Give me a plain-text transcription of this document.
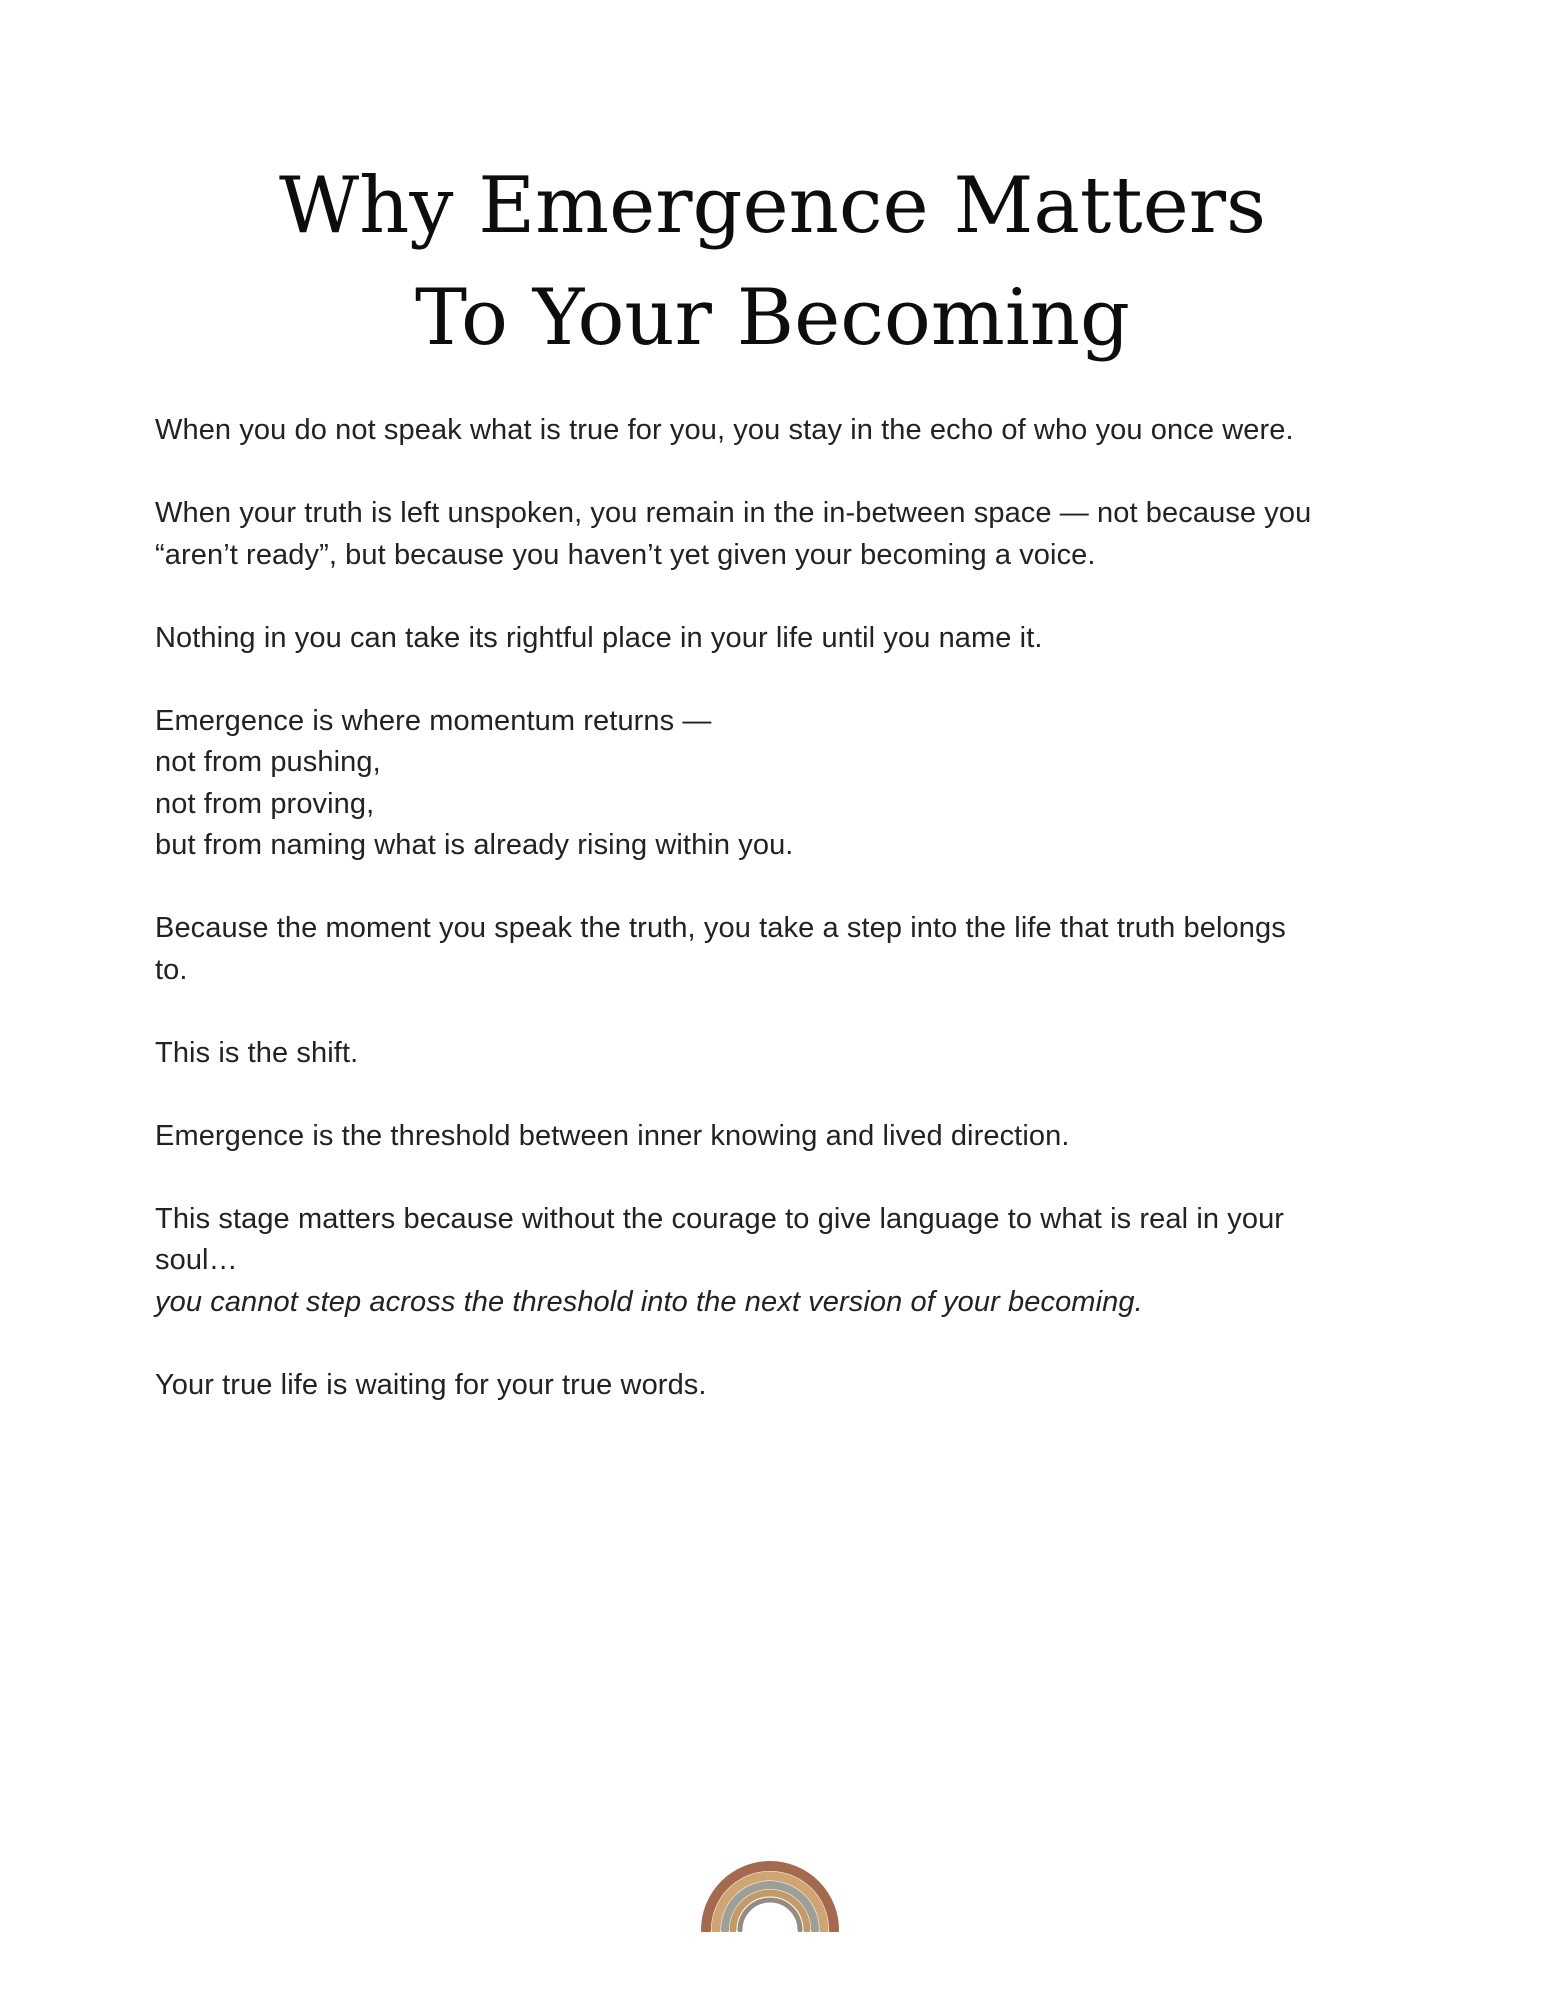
Why Emergence Matters
To Your Becoming

When you do not speak what is true for you, you stay in the echo of who you once were.

When your truth is left unspoken, you remain in the in-between space — not because you
“aren’t ready”, but because you haven’t yet given your becoming a voice.

Nothing in you can take its rightful place in your life until you name it.

Emergence is where momentum returns —
not from pushing,
not from proving,
but from naming what is already rising within you.

Because the moment you speak the truth, you take a step into the life that truth belongs
to.

This is the shift.

Emergence is the threshold between inner knowing and lived direction.

This stage matters because without the courage to give language to what is real in your
soul…
you cannot step across the threshold into the next version of your becoming.

Your true life is waiting for your true words.
